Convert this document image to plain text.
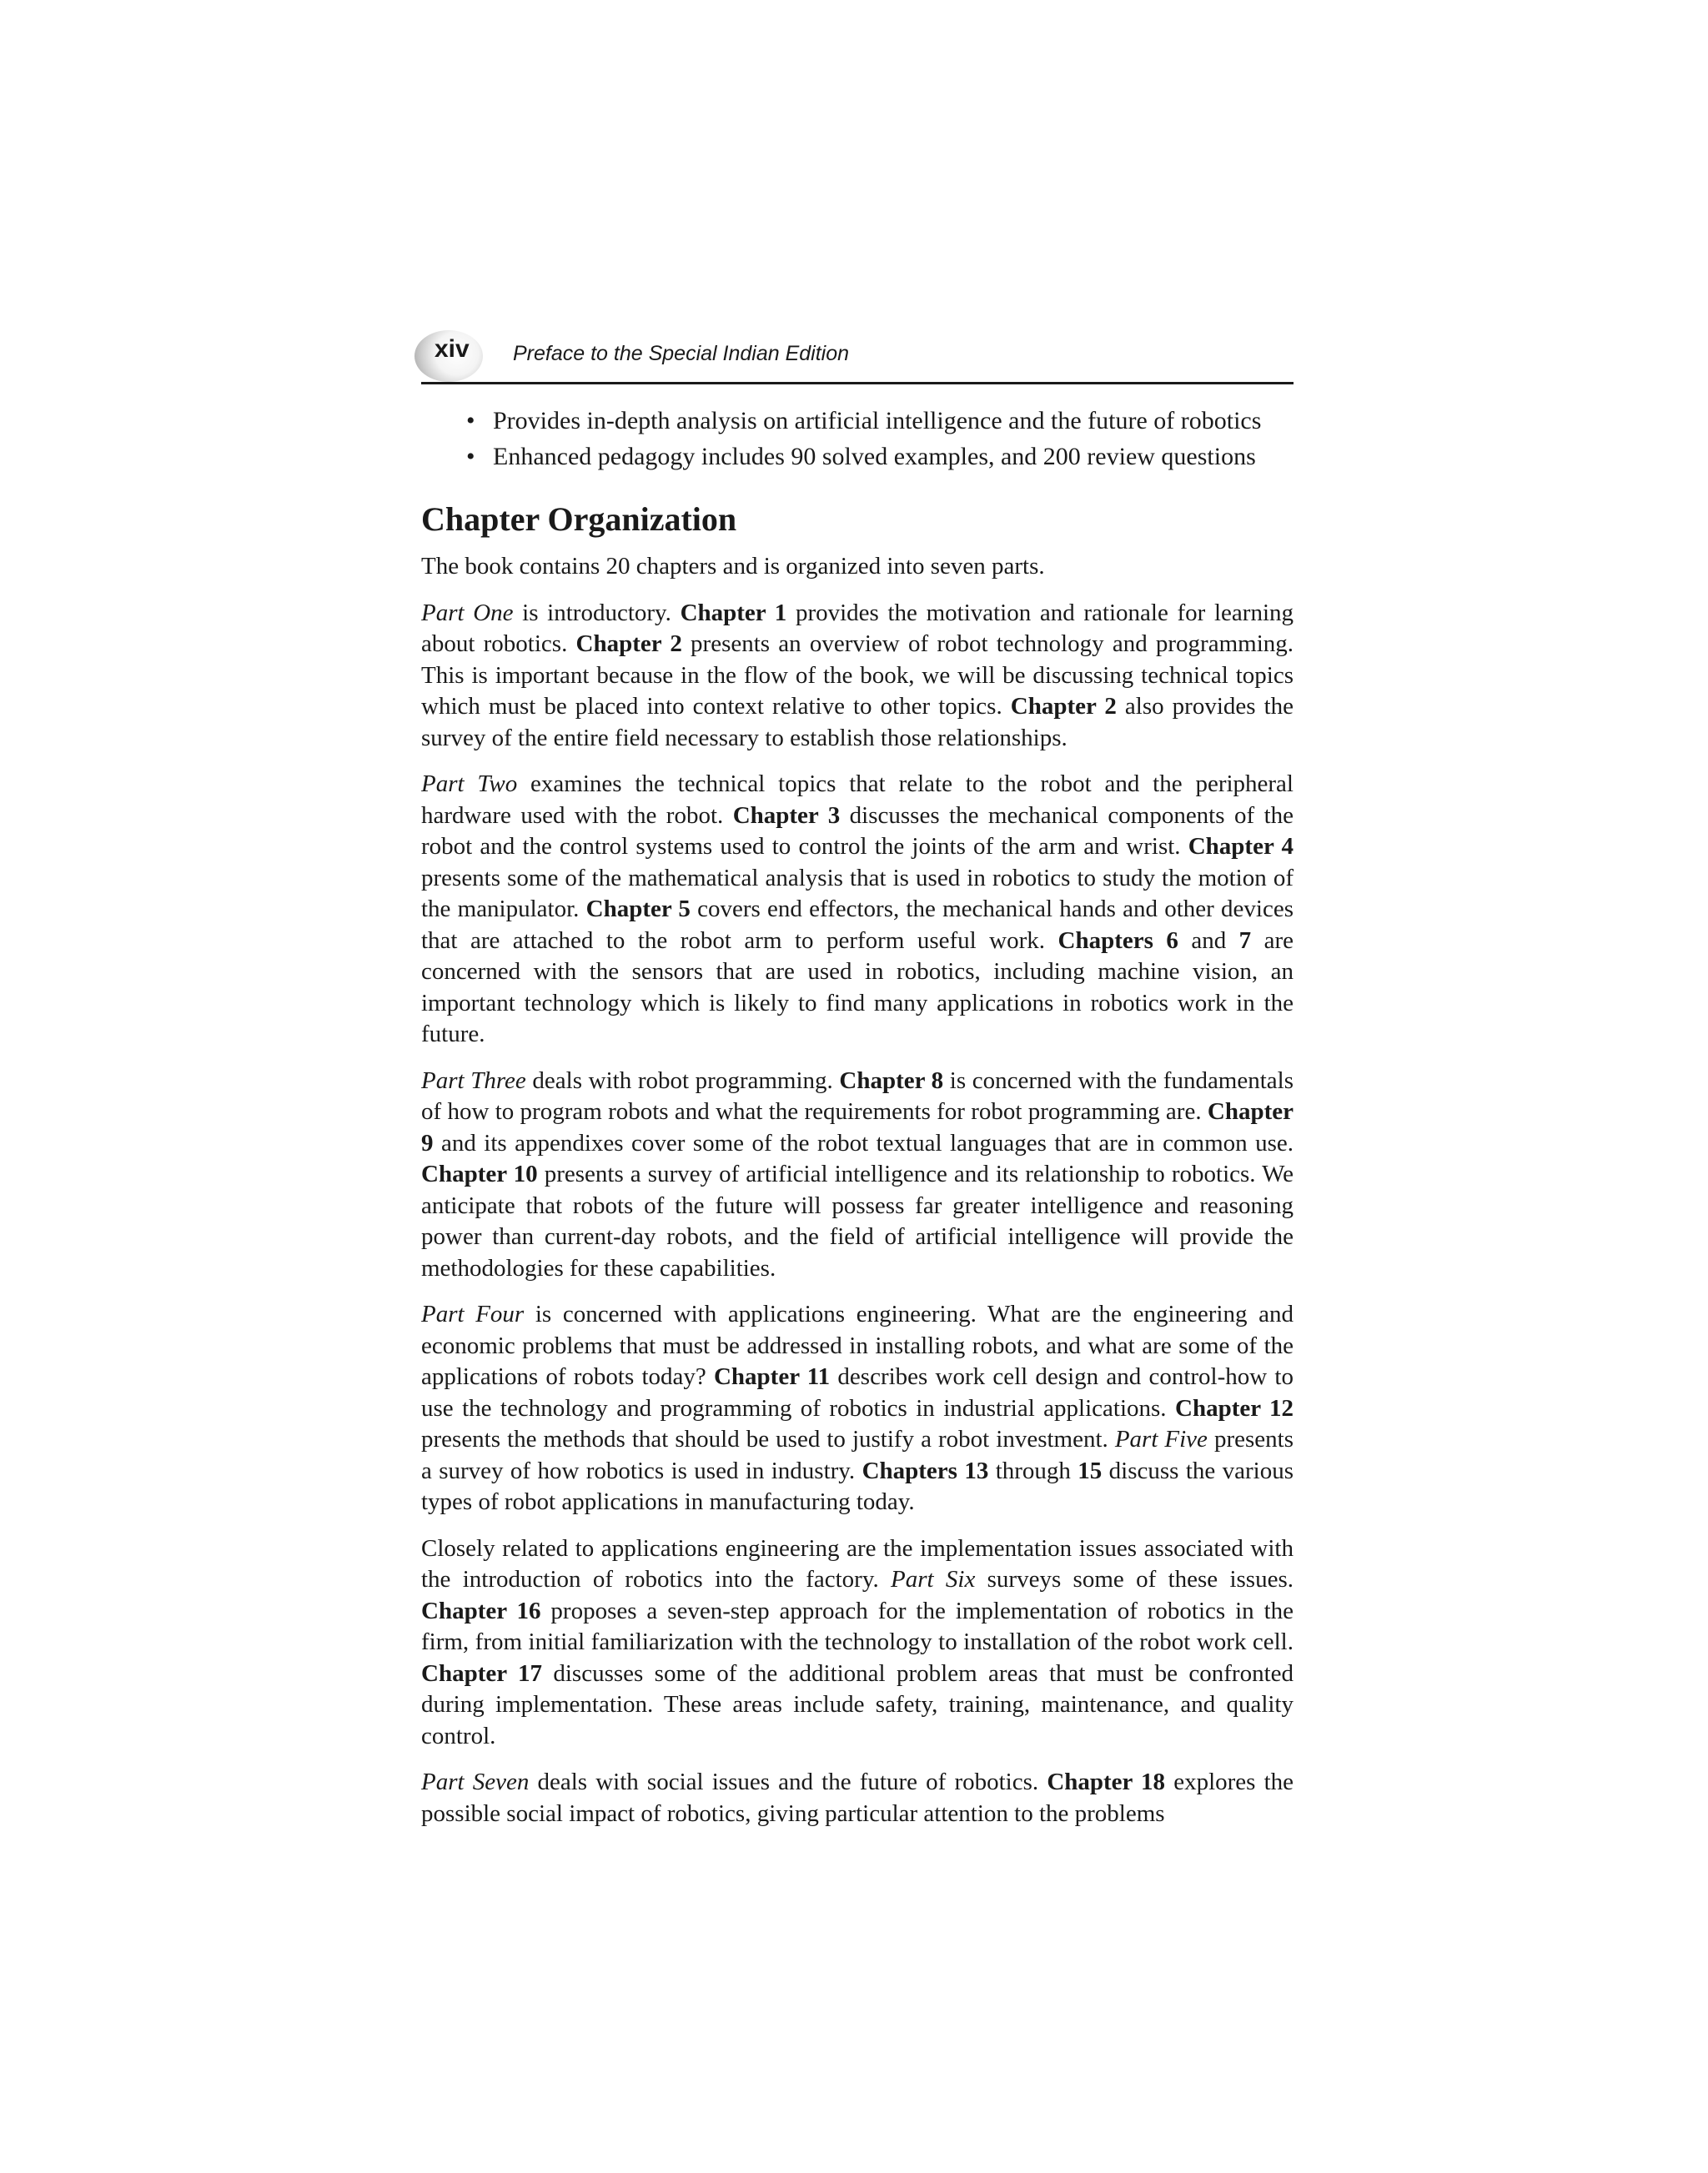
xiv Preface to the Special Indian Edition
• Provides in-depth analysis on artificial intelligence and the future of robotics
• Enhanced pedagogy includes 90 solved examples, and 200 review questions
Chapter Organization

The book contains 20 chapters and is organized into seven parts.

Part One is introductory. Chapter 1 provides the motivation and rationale for learning about robotics. Chapter 2 presents an overview of robot technology and programming. This is important because in the flow of the book, we will be discussing technical topics which must be placed into context relative to other topics. Chapter 2 also provides the survey of the entire field necessary to establish those relationships.

Part Two examines the technical topics that relate to the robot and the peripheral hardware used with the robot. Chapter 3 discusses the mechanical components of the robot and the control systems used to control the joints of the arm and wrist. Chapter 4 presents some of the mathematical analysis that is used in robotics to study the motion of the manipulator. Chapter 5 covers end effectors, the mechanical hands and other devices that are attached to the robot arm to perform useful work. Chapters 6 and 7 are concerned with the sensors that are used in robotics, including machine vision, an important technology which is likely to find many applications in robotics work in the future.

Part Three deals with robot programming. Chapter 8 is concerned with the fundamentals of how to program robots and what the requirements for robot programming are. Chapter 9 and its appendixes cover some of the robot textual languages that are in common use. Chapter 10 presents a survey of artificial intelligence and its relationship to robotics. We anticipate that robots of the future will possess far greater intelligence and reasoning power than current-day robots, and the field of artificial intelligence will provide the methodologies for these capabilities.

Part Four is concerned with applications engineering. What are the engineering and economic problems that must be addressed in installing robots, and what are some of the applications of robots today? Chapter 11 describes work cell design and control-how to use the technology and programming of robotics in industrial applications. Chapter 12 presents the methods that should be used to justify a robot investment. Part Five presents a survey of how robotics is used in industry. Chapters 13 through 15 discuss the various types of robot applications in manufacturing today.

Closely related to applications engineering are the implementation issues associated with the introduction of robotics into the factory. Part Six surveys some of these issues. Chapter 16 proposes a seven-step approach for the implementation of robotics in the firm, from initial familiarization with the technology to installation of the robot work cell. Chapter 17 discusses some of the additional problem areas that must be confronted during implementation. These areas include safety, training, maintenance, and quality control.

Part Seven deals with social issues and the future of robotics. Chapter 18 explores the possible social impact of robotics, giving particular attention to the problems
